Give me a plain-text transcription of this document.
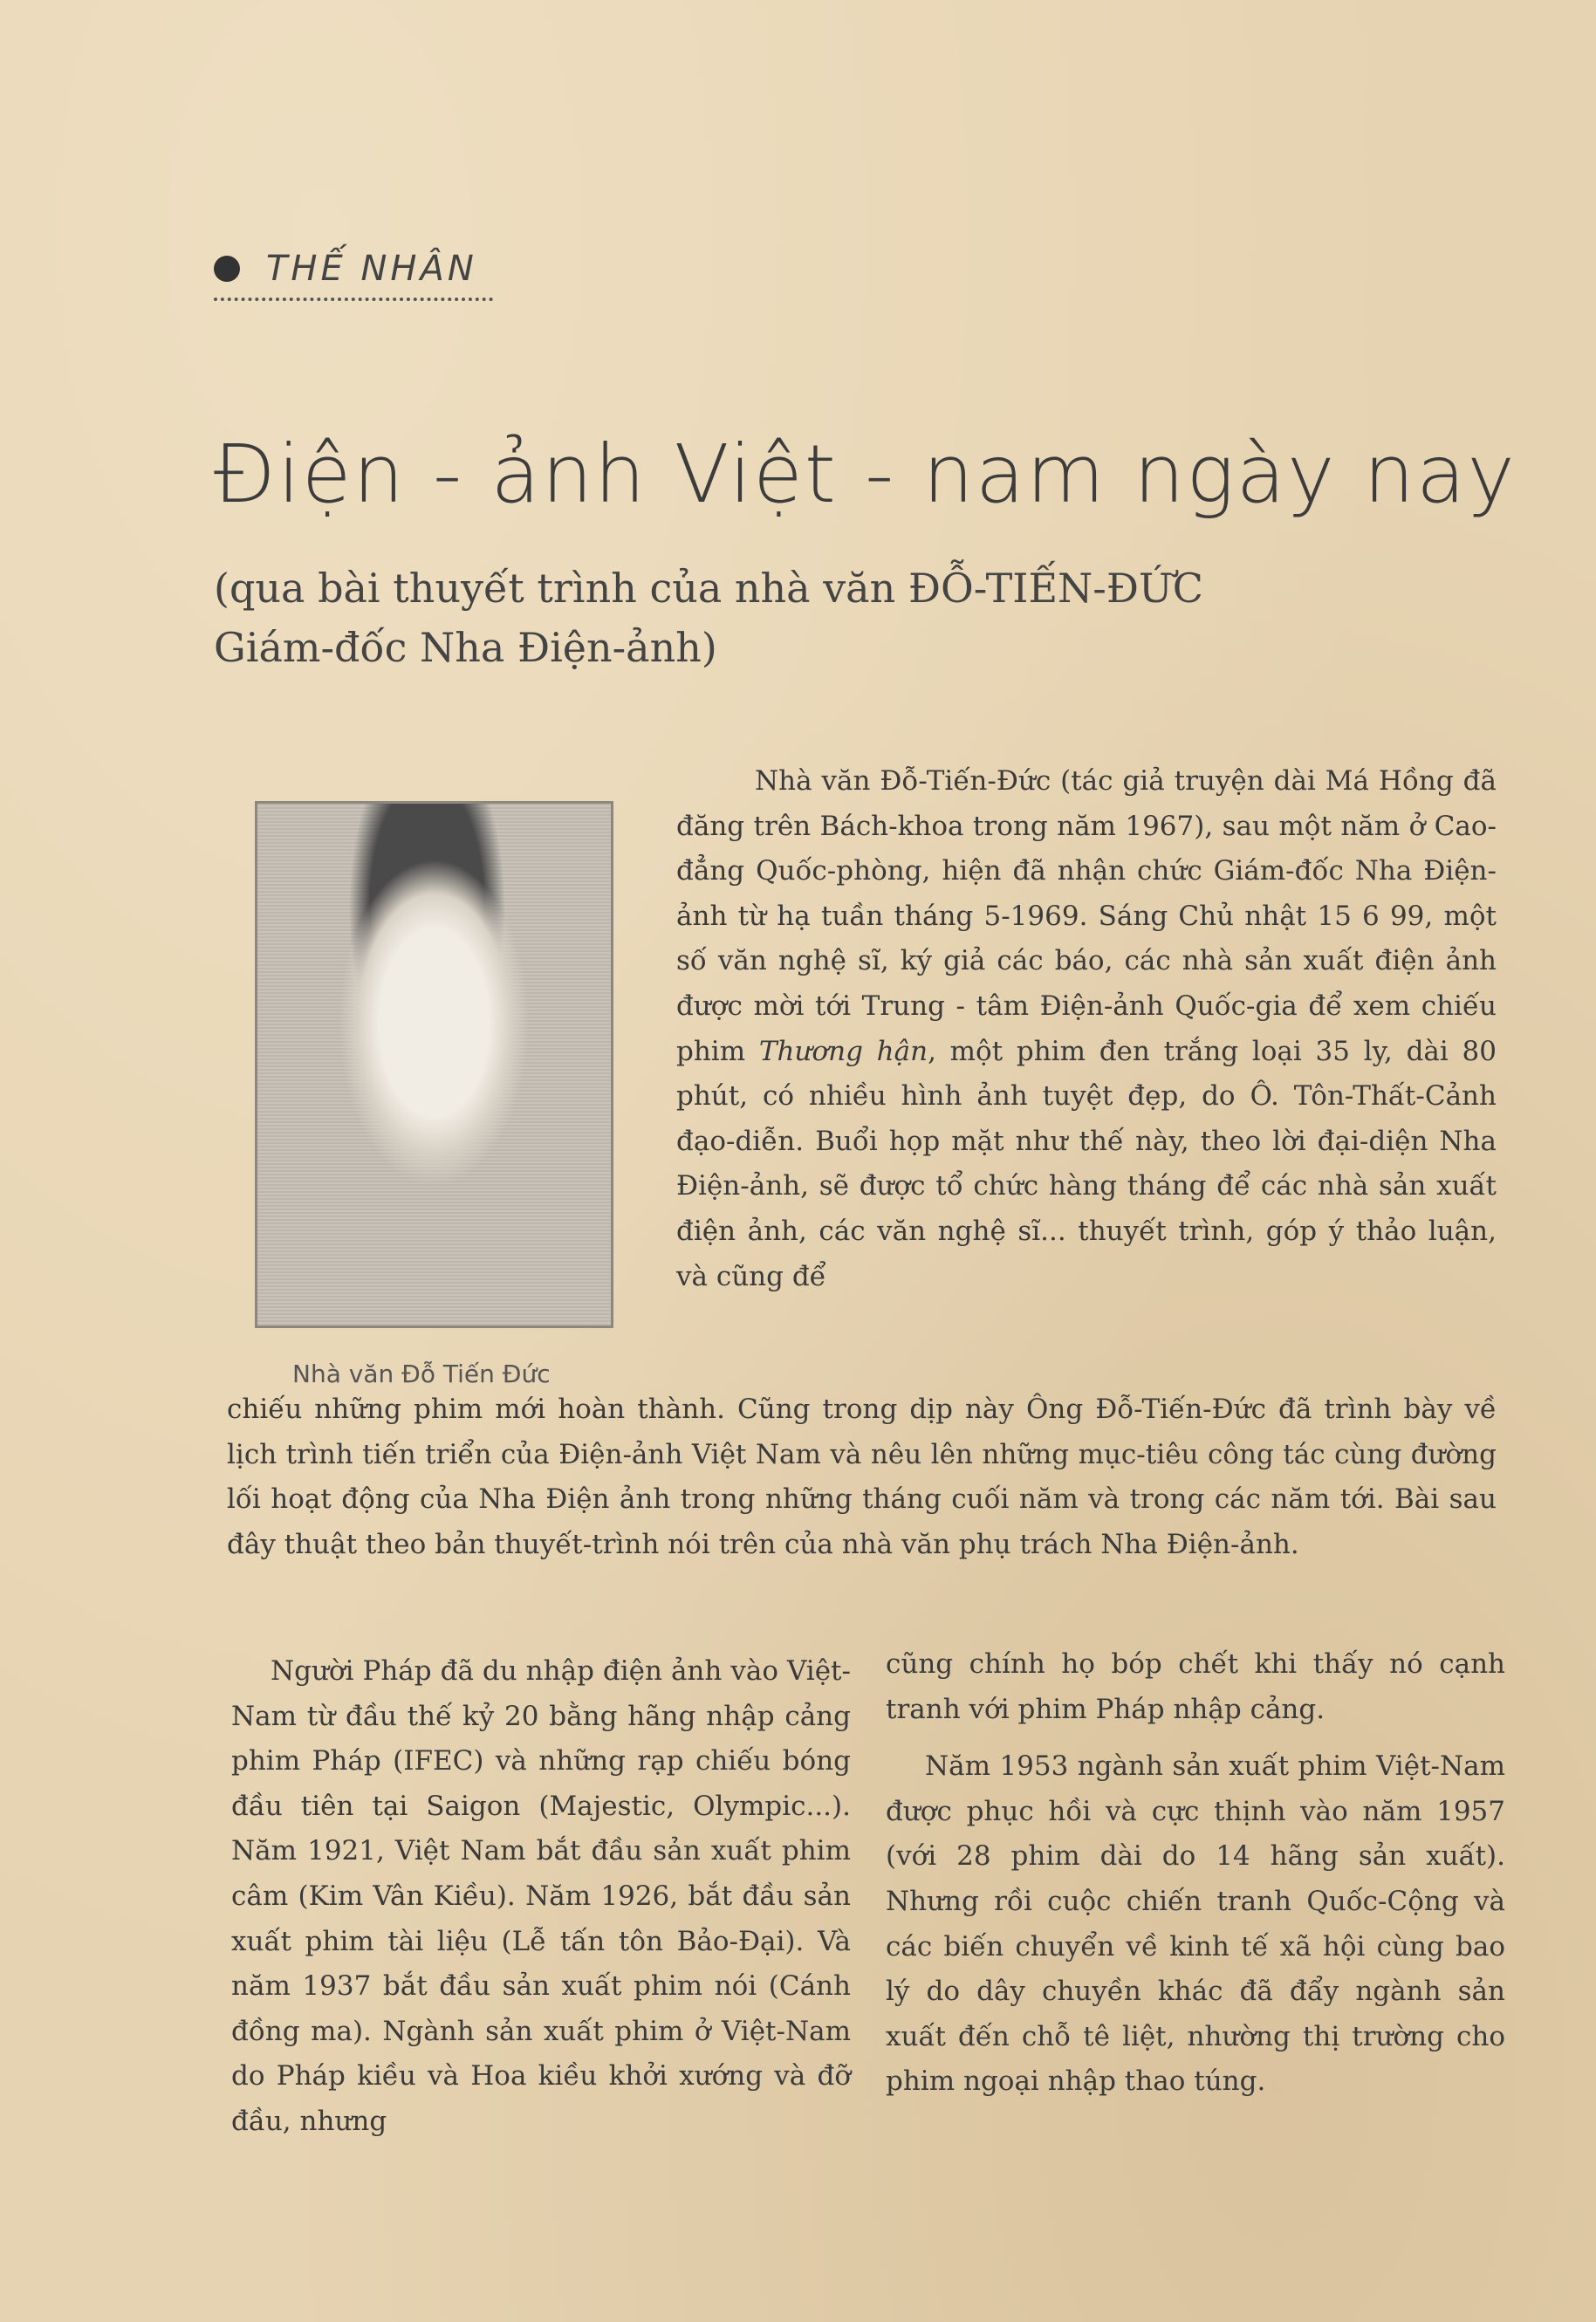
THẾ NHÂN
Điện - ảnh Việt - nam ngày nay
(qua bài thuyết trình của nhà văn ĐỖ-TIẾN-ĐỨC
Giám-đốc Nha Điện-ảnh)
Nhà văn Đỗ Tiến Đức
Nhà văn Đỗ-Tiến-Đức (tác giả truyện dài Má Hồng đã đăng trên Bách-khoa trong năm 1967), sau một năm ở Cao-đẳng Quốc-phòng, hiện đã nhận chức Giám-đốc Nha Điện-ảnh từ hạ tuần tháng 5-1969. Sáng Chủ nhật 15 6 99, một số văn nghệ sĩ, ký giả các báo, các nhà sản xuất điện ảnh được mời tới Trung - tâm Điện-ảnh Quốc-gia để xem chiếu phim Thương hận, một phim đen trắng loại 35 ly, dài 80 phút, có nhiều hình ảnh tuyệt đẹp, do Ô. Tôn-Thất-Cảnh đạo-diễn. Buổi họp mặt như thế này, theo lời đại-diện Nha Điện-ảnh, sẽ được tổ chức hàng tháng để các nhà sản xuất điện ảnh, các văn nghệ sĩ... thuyết trình, góp ý thảo luận, và cũng để
chiếu những phim mới hoàn thành. Cũng trong dịp này Ông Đỗ-Tiến-Đức đã trình bày về lịch trình tiến triển của Điện-ảnh Việt Nam và nêu lên những mục-tiêu công tác cùng đường lối hoạt động của Nha Điện ảnh trong những tháng cuối năm và trong các năm tới. Bài sau đây thuật theo bản thuyết-trình nói trên của nhà văn phụ trách Nha Điện-ảnh.

Người Pháp đã du nhập điện ảnh vào Việt-Nam từ đầu thế kỷ 20 bằng hãng nhập cảng phim Pháp (IFEC) và những rạp chiếu bóng đầu tiên tại Saigon (Majestic, Olympic...). Năm 1921, Việt Nam bắt đầu sản xuất phim câm (Kim Vân Kiều). Năm 1926, bắt đầu sản xuất phim tài liệu (Lễ tấn tôn Bảo-Đại). Và năm 1937 bắt đầu sản xuất phim nói (Cánh đồng ma). Ngành sản xuất phim ở Việt-Nam do Pháp kiều và Hoa kiều khởi xướng và đỡ đầu, nhưng

cũng chính họ bóp chết khi thấy nó cạnh tranh với phim Pháp nhập cảng.

Năm 1953 ngành sản xuất phim Việt-Nam được phục hồi và cực thịnh vào năm 1957 (với 28 phim dài do 14 hãng sản xuất). Nhưng rồi cuộc chiến tranh Quốc-Cộng và các biến chuyển về kinh tế xã hội cùng bao lý do dây chuyền khác đã đẩy ngành sản xuất đến chỗ tê liệt, nhường thị trường cho phim ngoại nhập thao túng.
